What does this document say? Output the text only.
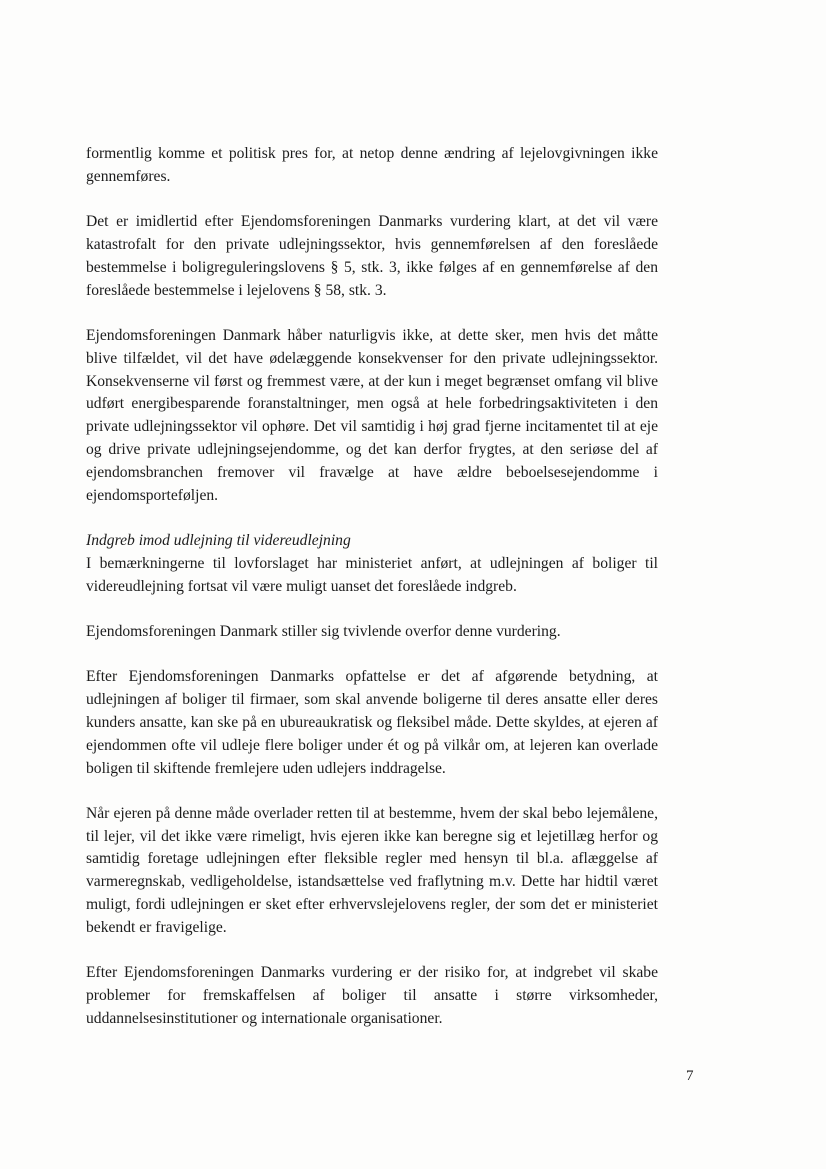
formentlig komme et politisk pres for, at netop denne ændring af lejelovgivningen ikke gennemføres.

Det er imidlertid efter Ejendomsforeningen Danmarks vurdering klart, at det vil være katastrofalt for den private udlejningssektor, hvis gennemførelsen af den foreslåede bestemmelse i boligreguleringslovens § 5, stk. 3, ikke følges af en gennemførelse af den foreslåede bestemmelse i lejelovens § 58, stk. 3.

Ejendomsforeningen Danmark håber naturligvis ikke, at dette sker, men hvis det måtte blive tilfældet, vil det have ødelæggende konsekvenser for den private udlejningssektor. Konsekvenserne vil først og fremmest være, at der kun i meget begrænset omfang vil blive udført energibesparende foranstaltninger, men også at hele forbedringsaktiviteten i den private udlejningssektor vil ophøre. Det vil samtidig i høj grad fjerne incitamentet til at eje og drive private udlejningsejendomme, og det kan derfor frygtes, at den seriøse del af ejendomsbranchen fremover vil fravælge at have ældre beboelsesejendomme i ejendomsporteføljen.

Indgreb imod udlejning til videreudlejning

I bemærkningerne til lovforslaget har ministeriet anført, at udlejningen af boliger til videreudlejning fortsat vil være muligt uanset det foreslåede indgreb.

Ejendomsforeningen Danmark stiller sig tvivlende overfor denne vurdering.

Efter Ejendomsforeningen Danmarks opfattelse er det af afgørende betydning, at udlejningen af boliger til firmaer, som skal anvende boligerne til deres ansatte eller deres kunders ansatte, kan ske på en ubureaukratisk og fleksibel måde. Dette skyldes, at ejeren af ejendommen ofte vil udleje flere boliger under ét og på vilkår om, at lejeren kan overlade boligen til skiftende fremlejere uden udlejers inddragelse.

Når ejeren på denne måde overlader retten til at bestemme, hvem der skal bebo lejemålene, til lejer, vil det ikke være rimeligt, hvis ejeren ikke kan beregne sig et lejetillæg herfor og samtidig foretage udlejningen efter fleksible regler med hensyn til bl.a. aflæggelse af varmeregnskab, vedligeholdelse, istandsættelse ved fraflytning m.v. Dette har hidtil været muligt, fordi udlejningen er sket efter erhvervslejelovens regler, der som det er ministeriet bekendt er fravigelige.

Efter Ejendomsforeningen Danmarks vurdering er der risiko for, at indgrebet vil skabe problemer for fremskaffelsen af boliger til ansatte i større virksomheder, uddannelsesinstitutioner og internationale organisationer.

7
